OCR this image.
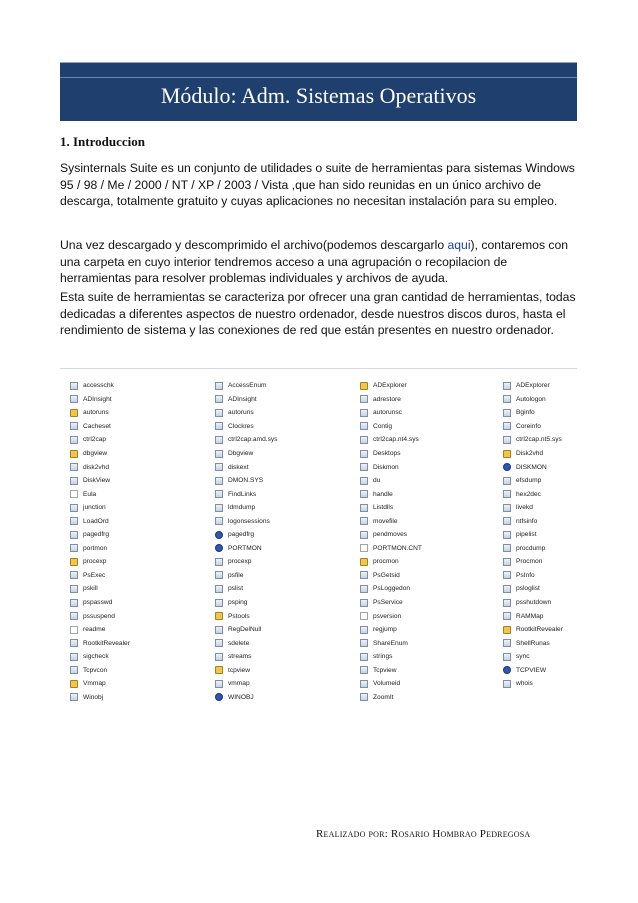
Módulo: Adm. Sistemas Operativos
1. Introduccion

Sysinternals Suite es un conjunto de utilidades o suite de herramientas para sistemas Windows 95 / 98 / Me / 2000 / NT / XP / 2003 / Vista ,que han sido reunidas en un único archivo de descarga, totalmente gratuito y cuyas aplicaciones no necesitan instalación para su empleo.

Una vez descargado y descomprimido el archivo(podemos descargarlo aqui), contaremos con una carpeta en cuyo interior tendremos acceso a una agrupación o recopilacion de herramientas para resolver problemas individuales y archivos de ayuda.

Esta suite de herramientas se caracteriza por ofrecer una gran cantidad de herramientas, todas dedicadas a diferentes aspectos de nuestro ordenador, desde nuestros discos duros, hasta el rendimiento de sistema y las conexiones de red que están presentes en nuestro ordenador.

accesschk
ADInsight
autoruns
Cacheset
ctrl2cap
dbgview
disk2vhd
DiskView
Eula
junction
LoadOrd
pagedfrg
portmon
procexp
PsExec
pskill
pspasswd
pssuspend
readme
RootkitRevealer
sigcheck
Tcpvcon
Vmmap
Winobj
AccessEnum
ADInsight
autoruns
Clockres
ctrl2cap.amd.sys
Dbgview
diskext
DMON.SYS
FindLinks
ldmdump
logonsessions
pagedfrg
PORTMON
procexp
psfile
pslist
psping
Pstools
RegDelNull
sdelete
streams
tcpview
vmmap
WINOBJ
ADExplorer
adrestore
autorunsc
Contig
ctrl2cap.nt4.sys
Desktops
Diskmon
du
handle
Listdlls
movefile
pendmoves
PORTMON.CNT
procmon
PsGetsid
PsLoggedon
PsService
psversion
regjump
ShareEnum
strings
Tcpview
Volumeid
ZoomIt
ADExplorer
Autologon
Bginfo
Coreinfo
ctrl2cap.nt5.sys
Disk2vhd
DISKMON
efsdump
hex2dec
livekd
ntfsinfo
pipelist
procdump
Procmon
PsInfo
psloglist
psshutdown
RAMMap
RootkitRevealer
ShellRunas
sync
TCPVIEW
whois
Realizado por: Rosario Hombrao Pedregosa
